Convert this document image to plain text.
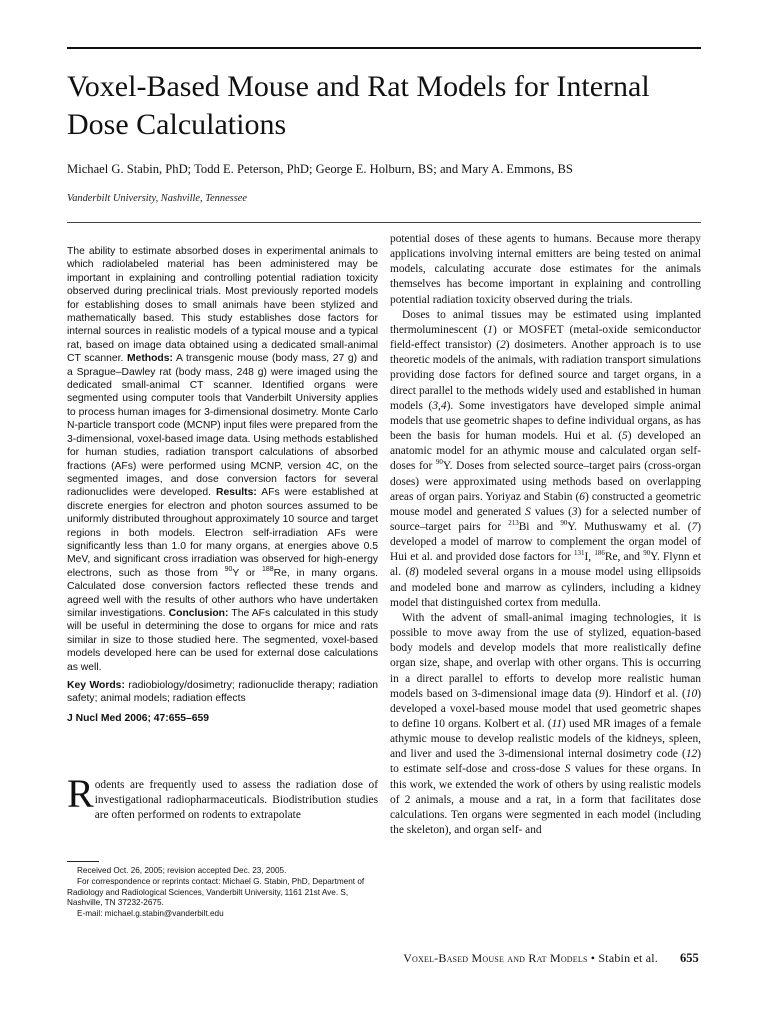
Voxel-Based Mouse and Rat Models for Internal Dose Calculations
Michael G. Stabin, PhD; Todd E. Peterson, PhD; George E. Holburn, BS; and Mary A. Emmons, BS
Vanderbilt University, Nashville, Tennessee

The ability to estimate absorbed doses in experimental animals to which radiolabeled material has been administered may be important in explaining and controlling potential radiation toxicity observed during preclinical trials. Most previously reported models for establishing doses to small animals have been stylized and mathematically based. This study establishes dose factors for internal sources in realistic models of a typical mouse and a typical rat, based on image data obtained using a dedicated small-animal CT scanner. Methods: A transgenic mouse (body mass, 27 g) and a Sprague–Dawley rat (body mass, 248 g) were imaged using the dedicated small-animal CT scanner. Identified organs were segmented using computer tools that Vanderbilt University applies to process human images for 3-dimensional dosimetry. Monte Carlo N-particle transport code (MCNP) input files were prepared from the 3-dimensional, voxel-based image data. Using methods established for human studies, radiation transport calculations of absorbed fractions (AFs) were performed using MCNP, version 4C, on the segmented images, and dose conversion factors for several radionuclides were developed. Results: AFs were established at discrete energies for electron and photon sources assumed to be uniformly distributed throughout approximately 10 source and target regions in both models. Electron self-irradiation AFs were significantly less than 1.0 for many organs, at energies above 0.5 MeV, and significant cross irradiation was observed for high-energy electrons, such as those from $^{90}$Y or $^{188}$Re, in many organs. Calculated dose conversion factors reflected these trends and agreed well with the results of other authors who have undertaken similar investigations. Conclusion: The AFs calculated in this study will be useful in determining the dose to organs for mice and rats similar in size to those studied here. The segmented, voxel-based models developed here can be used for external dose calculations as well.

Key Words: radiobiology/dosimetry; radionuclide therapy; radiation safety; animal models; radiation effects

J Nucl Med 2006; 47:655–659

Rodents are frequently used to assess the radiation dose of investigational radiopharmaceuticals. Biodistribution studies are often performed on rodents to extrapolate

Received Oct. 26, 2005; revision accepted Dec. 23, 2005.

For correspondence or reprints contact: Michael G. Stabin, PhD, Department of Radiology and Radiological Sciences, Vanderbilt University, 1161 21st Ave. S, Nashville, TN 37232-2675.

E-mail: michael.g.stabin@vanderbilt.edu

potential doses of these agents to humans. Because more therapy applications involving internal emitters are being tested on animal models, calculating accurate dose estimates for the animals themselves has become important in explaining and controlling potential radiation toxicity observed during the trials.

Doses to animal tissues may be estimated using implanted thermoluminescent (1) or MOSFET (metal-oxide semiconductor field-effect transistor) (2) dosimeters. Another approach is to use theoretic models of the animals, with radiation transport simulations providing dose factors for defined source and target organs, in a direct parallel to the methods widely used and established in human models (3,4). Some investigators have developed simple animal models that use geometric shapes to define individual organs, as has been the basis for human models. Hui et al. (5) developed an anatomic model for an athymic mouse and calculated organ self-doses for $^{90}$Y. Doses from selected source–target pairs (cross-organ doses) were approximated using methods based on overlapping areas of organ pairs. Yoriyaz and Stabin (6) constructed a geometric mouse model and generated S values (3) for a selected number of source–target pairs for $^{213}$Bi and $^{90}$Y. Muthuswamy et al. (7) developed a model of marrow to complement the organ model of Hui et al. and provided dose factors for $^{131}$I, $^{186}$Re, and $^{90}$Y. Flynn et al. (8) modeled several organs in a mouse model using ellipsoids and modeled bone and marrow as cylinders, including a kidney model that distinguished cortex from medulla.

With the advent of small-animal imaging technologies, it is possible to move away from the use of stylized, equation-based body models and develop models that more realistically define organ size, shape, and overlap with other organs. This is occurring in a direct parallel to efforts to develop more realistic human models based on 3-dimensional image data (9). Hindorf et al. (10) developed a voxel-based mouse model that used geometric shapes to define 10 organs. Kolbert et al. (11) used MR images of a female athymic mouse to develop realistic models of the kidneys, spleen, and liver and used the 3-dimensional internal dosimetry code (12) to estimate self-dose and cross-dose S values for these organs. In this work, we extended the work of others by using realistic models of 2 animals, a mouse and a rat, in a form that facilitates dose calculations. Ten organs were segmented in each model (including the skeleton), and organ self- and

Voxel-Based Mouse and Rat Models • Stabin et al. 655
